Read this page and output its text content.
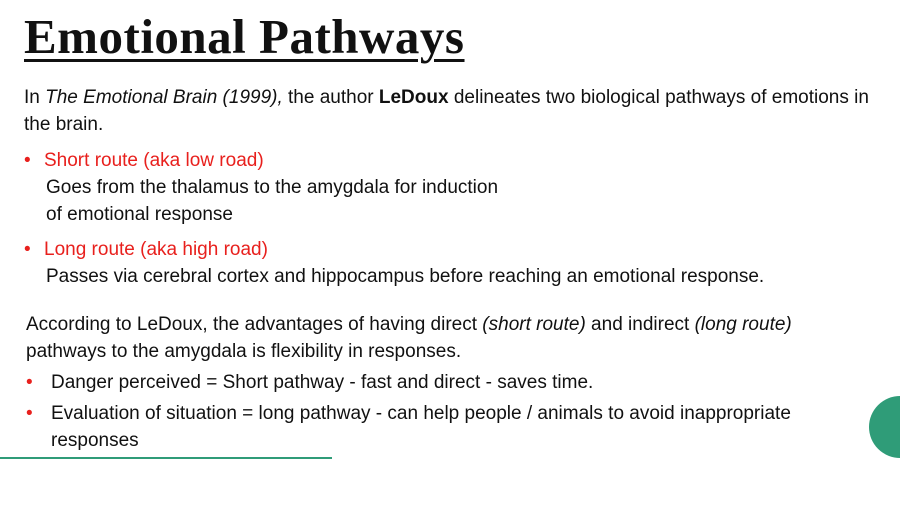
Emotional Pathways
In The Emotional Brain (1999), the author LeDoux delineates two biological pathways of emotions in the brain.
• Short route (aka low road)
Goes from the thalamus to the amygdala for induction
of emotional response
• Long route (aka high road)
Passes via cerebral cortex and hippocampus before reaching an emotional response.
According to LeDoux, the advantages of having direct (short route) and indirect (long route) pathways to the amygdala is flexibility in responses.
• Danger perceived = Short pathway - fast and direct - saves time.
• Evaluation of situation = long pathway - can help people / animals to avoid inappropriate responses
